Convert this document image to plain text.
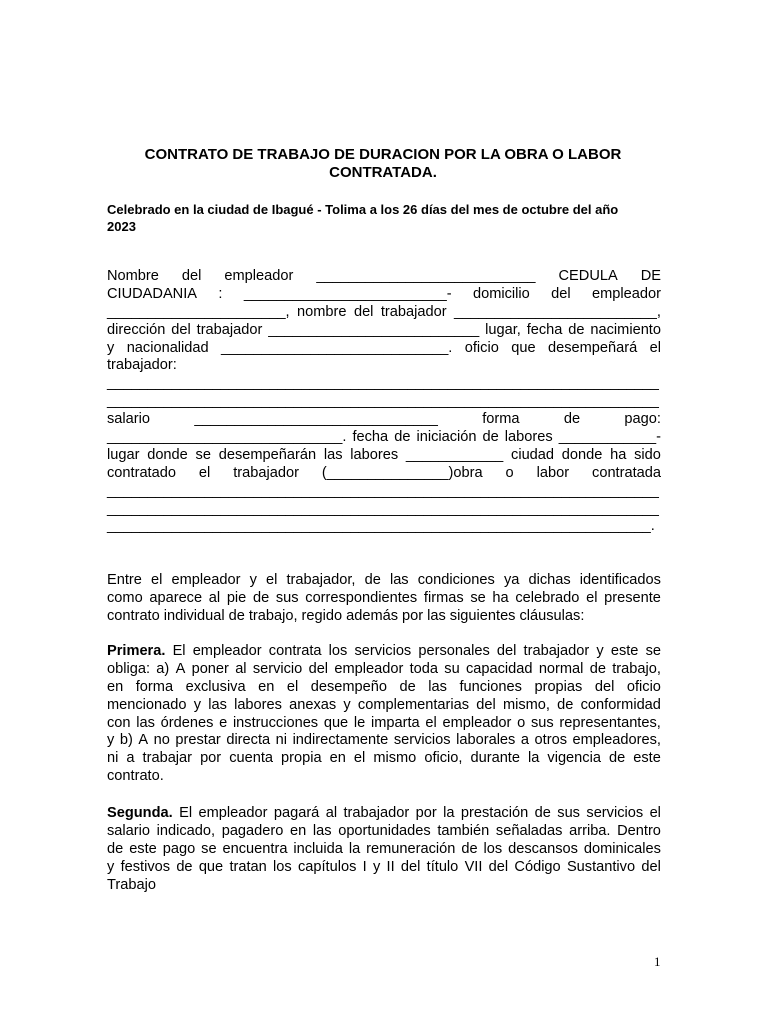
CONTRATO DE TRABAJO DE DURACION POR LA OBRA O LABOR
CONTRATADA.
Celebrado en la ciudad de Ibagué - Tolima a los 26 días del mes de octubre del año
2023
Nombre del empleador ___________________________ CEDULA DE
CIUDADANIA : _________________________- domicilio del empleador
______________________, nombre del trabajador _________________________,
dirección del trabajador __________________________ lugar, fecha de nacimiento
y nacionalidad ____________________________. oficio que desempeñará el
trabajador:
____________________________________________________________________
____________________________________________________________________
salario	______________________________	forma	de	pago:
_____________________________. fecha de iniciación de labores ____________-
lugar donde se desempeñarán las labores ____________ ciudad donde ha sido
contratado el trabajador (_______________)obra o labor contratada
____________________________________________________________________
____________________________________________________________________
___________________________________________________________________.
Entre el empleador y el trabajador, de las condiciones ya dichas identificados
como aparece al pie de sus correspondientes firmas se ha celebrado el presente
contrato individual de trabajo, regido además por las siguientes cláusulas:
Primera. El empleador contrata los servicios personales del trabajador y este se
obliga: a) A poner al servicio del empleador toda su capacidad normal de trabajo,
en forma exclusiva en el desempeño de las funciones propias del oficio
mencionado y las labores anexas y complementarias del mismo, de conformidad
con las órdenes e instrucciones que le imparta el empleador o sus representantes,
y b) A no prestar directa ni indirectamente servicios laborales a otros empleadores,
ni a trabajar por cuenta propia en el mismo oficio, durante la vigencia de este
contrato.
Segunda. El empleador pagará al trabajador por la prestación de sus servicios el
salario indicado, pagadero en las oportunidades también señaladas arriba. Dentro
de este pago se encuentra incluida la remuneración de los descansos dominicales
y festivos de que tratan los capítulos I y II del título VII del Código Sustantivo del
Trabajo
1
